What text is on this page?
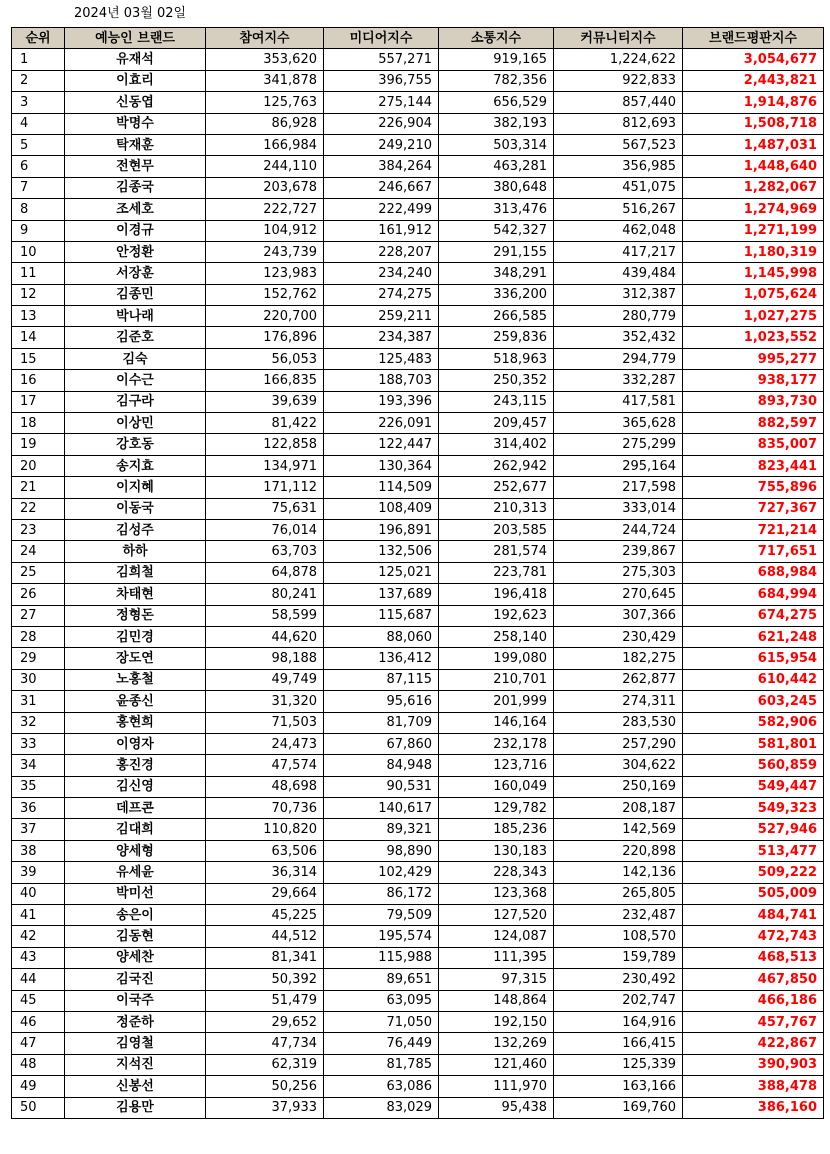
2024년 03월 02일
순위	예능인 브랜드	참여지수	미디어지수	소통지수	커뮤니티지수	브랜드평판지수
1	유재석	353,620	557,271	919,165	1,224,622	3,054,677
2	이효리	341,878	396,755	782,356	922,833	2,443,821
3	신동엽	125,763	275,144	656,529	857,440	1,914,876
4	박명수	86,928	226,904	382,193	812,693	1,508,718
5	탁재훈	166,984	249,210	503,314	567,523	1,487,031
6	전현무	244,110	384,264	463,281	356,985	1,448,640
7	김종국	203,678	246,667	380,648	451,075	1,282,067
8	조세호	222,727	222,499	313,476	516,267	1,274,969
9	이경규	104,912	161,912	542,327	462,048	1,271,199
10	안정환	243,739	228,207	291,155	417,217	1,180,319
11	서장훈	123,983	234,240	348,291	439,484	1,145,998
12	김종민	152,762	274,275	336,200	312,387	1,075,624
13	박나래	220,700	259,211	266,585	280,779	1,027,275
14	김준호	176,896	234,387	259,836	352,432	1,023,552
15	김숙	56,053	125,483	518,963	294,779	995,277
16	이수근	166,835	188,703	250,352	332,287	938,177
17	김구라	39,639	193,396	243,115	417,581	893,730
18	이상민	81,422	226,091	209,457	365,628	882,597
19	강호동	122,858	122,447	314,402	275,299	835,007
20	송지효	134,971	130,364	262,942	295,164	823,441
21	이지혜	171,112	114,509	252,677	217,598	755,896
22	이동국	75,631	108,409	210,313	333,014	727,367
23	김성주	76,014	196,891	203,585	244,724	721,214
24	하하	63,703	132,506	281,574	239,867	717,651
25	김희철	64,878	125,021	223,781	275,303	688,984
26	차태현	80,241	137,689	196,418	270,645	684,994
27	정형돈	58,599	115,687	192,623	307,366	674,275
28	김민경	44,620	88,060	258,140	230,429	621,248
29	장도연	98,188	136,412	199,080	182,275	615,954
30	노홍철	49,749	87,115	210,701	262,877	610,442
31	윤종신	31,320	95,616	201,999	274,311	603,245
32	홍현희	71,503	81,709	146,164	283,530	582,906
33	이영자	24,473	67,860	232,178	257,290	581,801
34	홍진경	47,574	84,948	123,716	304,622	560,859
35	김신영	48,698	90,531	160,049	250,169	549,447
36	데프콘	70,736	140,617	129,782	208,187	549,323
37	김대희	110,820	89,321	185,236	142,569	527,946
38	양세형	63,506	98,890	130,183	220,898	513,477
39	유세윤	36,314	102,429	228,343	142,136	509,222
40	박미선	29,664	86,172	123,368	265,805	505,009
41	송은이	45,225	79,509	127,520	232,487	484,741
42	김동현	44,512	195,574	124,087	108,570	472,743
43	양세찬	81,341	115,988	111,395	159,789	468,513
44	김국진	50,392	89,651	97,315	230,492	467,850
45	이국주	51,479	63,095	148,864	202,747	466,186
46	정준하	29,652	71,050	192,150	164,916	457,767
47	김영철	47,734	76,449	132,269	166,415	422,867
48	지석진	62,319	81,785	121,460	125,339	390,903
49	신봉선	50,256	63,086	111,970	163,166	388,478
50	김용만	37,933	83,029	95,438	169,760	386,160
